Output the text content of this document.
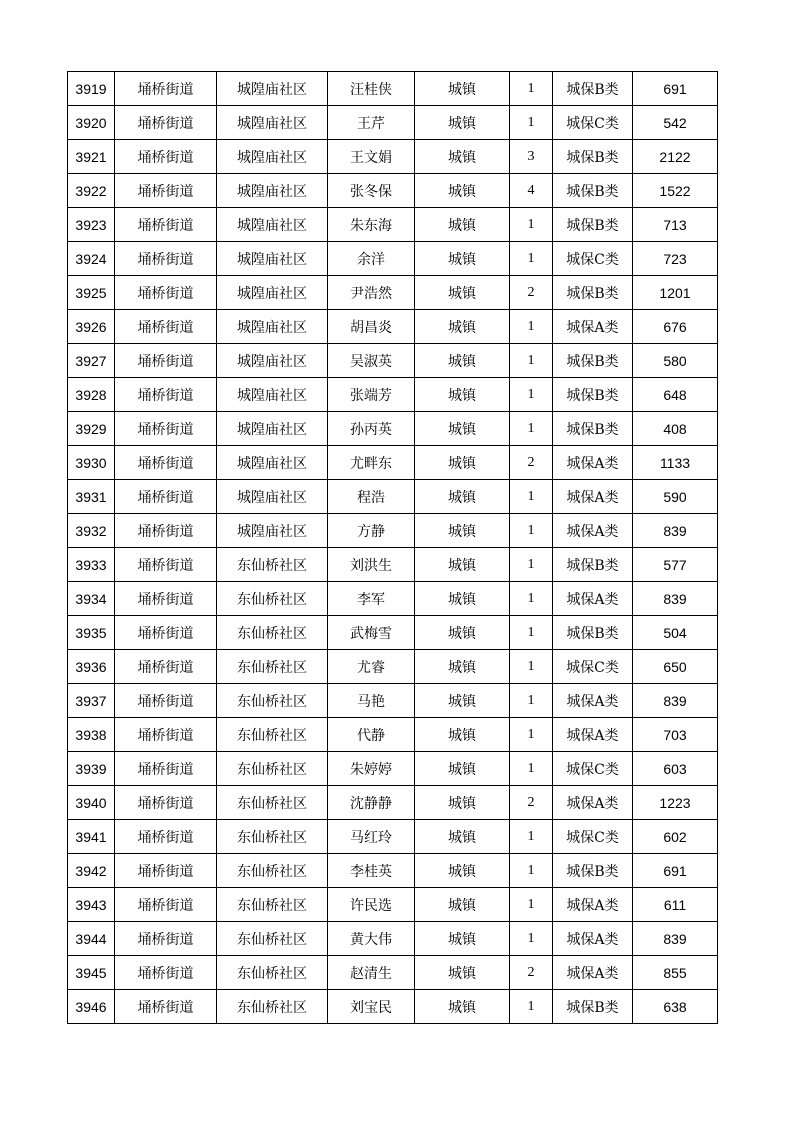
3919	埇桥街道	城隍庙社区	汪桂侠	城镇	1	城保B类	691
3920	埇桥街道	城隍庙社区	王芹	城镇	1	城保C类	542
3921	埇桥街道	城隍庙社区	王文娟	城镇	3	城保B类	2122
3922	埇桥街道	城隍庙社区	张冬保	城镇	4	城保B类	1522
3923	埇桥街道	城隍庙社区	朱东海	城镇	1	城保B类	713
3924	埇桥街道	城隍庙社区	余洋	城镇	1	城保C类	723
3925	埇桥街道	城隍庙社区	尹浩然	城镇	2	城保B类	1201
3926	埇桥街道	城隍庙社区	胡昌炎	城镇	1	城保A类	676
3927	埇桥街道	城隍庙社区	吴淑英	城镇	1	城保B类	580
3928	埇桥街道	城隍庙社区	张端芳	城镇	1	城保B类	648
3929	埇桥街道	城隍庙社区	孙丙英	城镇	1	城保B类	408
3930	埇桥街道	城隍庙社区	尤畔东	城镇	2	城保A类	1133
3931	埇桥街道	城隍庙社区	程浩	城镇	1	城保A类	590
3932	埇桥街道	城隍庙社区	方静	城镇	1	城保A类	839
3933	埇桥街道	东仙桥社区	刘洪生	城镇	1	城保B类	577
3934	埇桥街道	东仙桥社区	李军	城镇	1	城保A类	839
3935	埇桥街道	东仙桥社区	武梅雪	城镇	1	城保B类	504
3936	埇桥街道	东仙桥社区	尤睿	城镇	1	城保C类	650
3937	埇桥街道	东仙桥社区	马艳	城镇	1	城保A类	839
3938	埇桥街道	东仙桥社区	代静	城镇	1	城保A类	703
3939	埇桥街道	东仙桥社区	朱婷婷	城镇	1	城保C类	603
3940	埇桥街道	东仙桥社区	沈静静	城镇	2	城保A类	1223
3941	埇桥街道	东仙桥社区	马红玲	城镇	1	城保C类	602
3942	埇桥街道	东仙桥社区	李桂英	城镇	1	城保B类	691
3943	埇桥街道	东仙桥社区	许民选	城镇	1	城保A类	611
3944	埇桥街道	东仙桥社区	黄大伟	城镇	1	城保A类	839
3945	埇桥街道	东仙桥社区	赵清生	城镇	2	城保A类	855
3946	埇桥街道	东仙桥社区	刘宝民	城镇	1	城保B类	638
